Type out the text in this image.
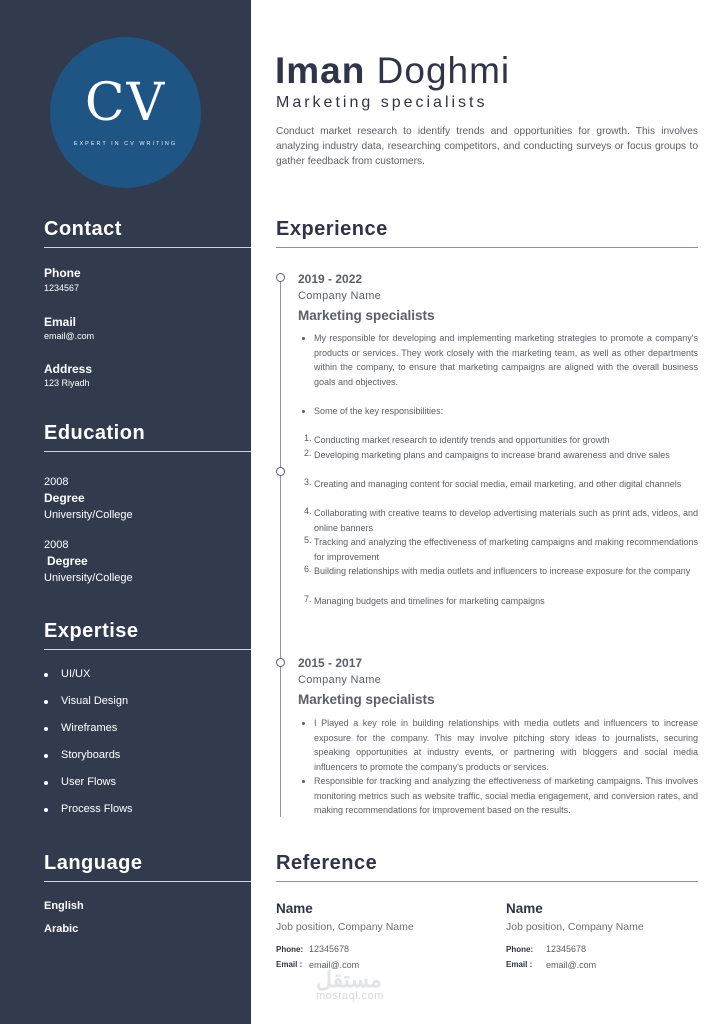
CV
EXPERT IN CV WRITING
Contact
Phone
1234567
Email
email@.com
Address
123 Riyadh
Education
2008
Degree
University/College
2008
Degree
University/College
Expertise
UI/UX
Visual Design
Wireframes
Storyboards
User Flows
Process Flows
Language
English
Arabic
Iman Doghmi
Marketing specialists
Conduct market research to identify trends and opportunities for growth. This involves analyzing industry data, researching competitors, and conducting surveys or focus groups to gather feedback from customers.
Experience
2019 - 2022
Company Name
Marketing specialists
My responsible for developing and implementing marketing strategies to promote a company's products or services. They work closely with the marketing team, as well as other departments within the company, to ensure that marketing campaigns are aligned with the overall business goals and objectives.
Some of the key responsibilities:
1. Conducting market research to identify trends and opportunities for growth
2. Developing marketing plans and campaigns to increase brand awareness and drive sales
3. Creating and managing content for social media, email marketing, and other digital channels
4. Collaborating with creative teams to develop advertising materials such as print ads, videos, and online banners
5. Tracking and analyzing the effectiveness of marketing campaigns and making recommendations for improvement
6. Building relationships with media outlets and influencers to increase exposure for the company
7. Managing budgets and timelines for marketing campaigns
2015 - 2017
Company Name
Marketing specialists
I Played a key role in building relationships with media outlets and influencers to increase exposure for the company. This may involve pitching story ideas to journalists, securing speaking opportunities at industry events, or partnering with bloggers and social media influencers to promote the company's products or services.
Responsible for tracking and analyzing the effectiveness of marketing campaigns. This involves monitoring metrics such as website traffic, social media engagement, and conversion rates, and making recommendations for improvement based on the results.
Reference
Name
Job position, Company Name
Phone: 12345678
Email : email@.com
Name
Job position, Company Name
Phone: 12345678
Email : email@.com
مستقل
mostaql.com
